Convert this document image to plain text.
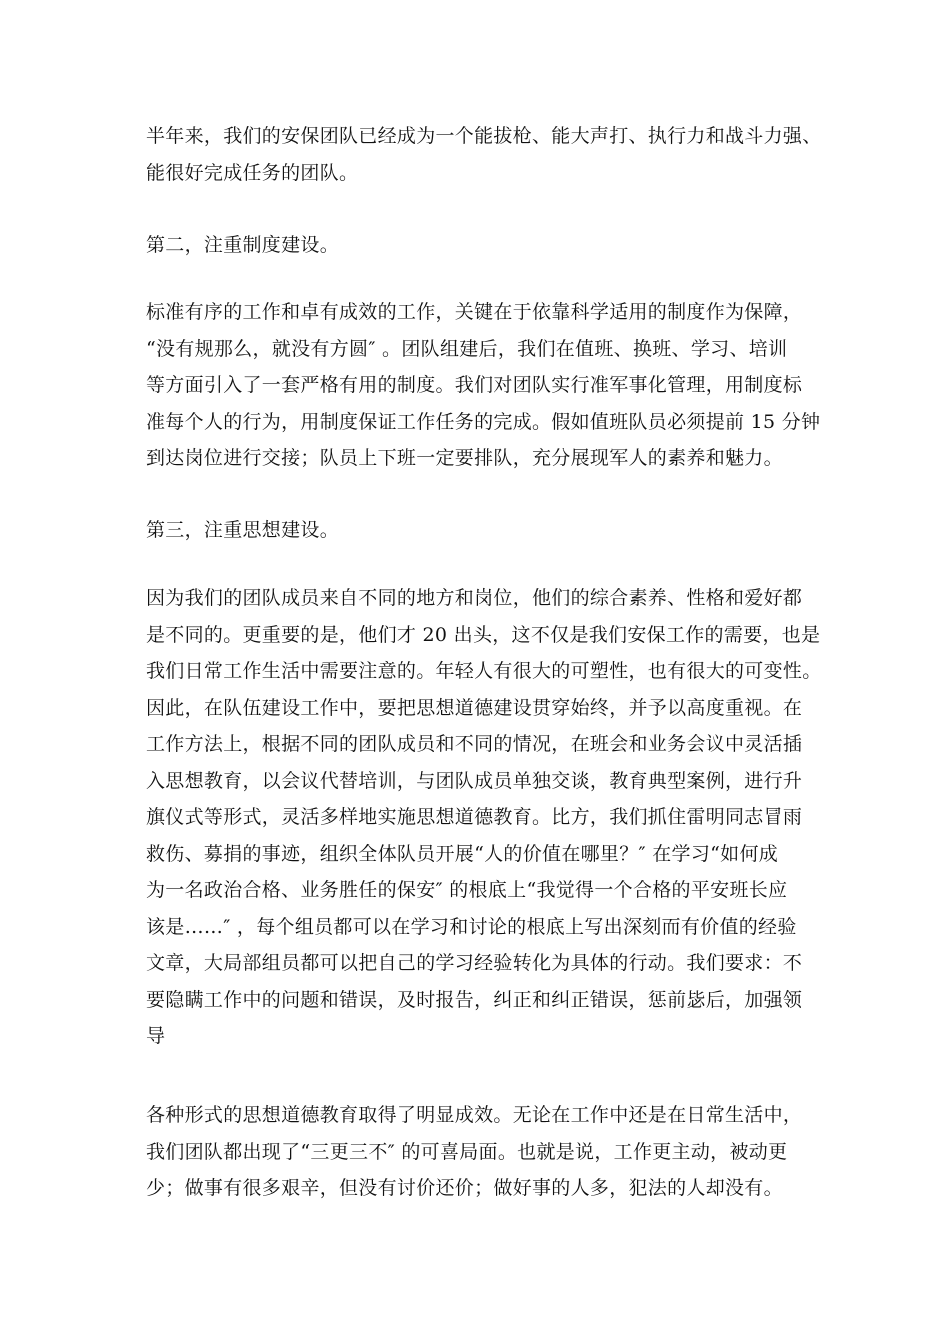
半年来，我们的安保团队已经成为一个能拔枪、能大声打、执行力和战斗力强、
能很好完成任务的团队。
第二，注重制度建设。
标准有序的工作和卓有成效的工作，关键在于依靠科学适用的制度作为保障，
“没有规那么，就没有方圆″ 。团队组建后，我们在值班、换班、学习、培训
等方面引入了一套严格有用的制度。我们对团队实行准军事化管理，用制度标
准每个人的行为，用制度保证工作任务的完成。假如值班队员必须提前 15 分钟
到达岗位进行交接；队员上下班一定要排队，充分展现军人的素养和魅力。
第三，注重思想建设。
因为我们的团队成员来自不同的地方和岗位，他们的综合素养、性格和爱好都
是不同的。更重要的是，他们才 20 出头，这不仅是我们安保工作的需要，也是
我们日常工作生活中需要注意的。年轻人有很大的可塑性，也有很大的可变性。
因此，在队伍建设工作中，要把思想道德建设贯穿始终，并予以高度重视。在
工作方法上，根据不同的团队成员和不同的情况，在班会和业务会议中灵活插
入思想教育，以会议代替培训，与团队成员单独交谈，教育典型案例，进行升
旗仪式等形式，灵活多样地实施思想道德教育。比方，我们抓住雷明同志冒雨
救伤、募捐的事迹，组织全体队员开展“人的价值在哪里？″ 在学习“如何成
为一名政治合格、业务胜任的保安″ 的根底上“我觉得一个合格的平安班长应
该是……″ ，每个组员都可以在学习和讨论的根底上写出深刻而有价值的经验
文章，大局部组员都可以把自己的学习经验转化为具体的行动。我们要求：不
要隐瞒工作中的问题和错误，及时报告，纠正和纠正错误，惩前毖后，加强领
导
各种形式的思想道德教育取得了明显成效。无论在工作中还是在日常生活中，
我们团队都出现了“三更三不″ 的可喜局面。也就是说，工作更主动，被动更
少；做事有很多艰辛，但没有讨价还价；做好事的人多，犯法的人却没有。
